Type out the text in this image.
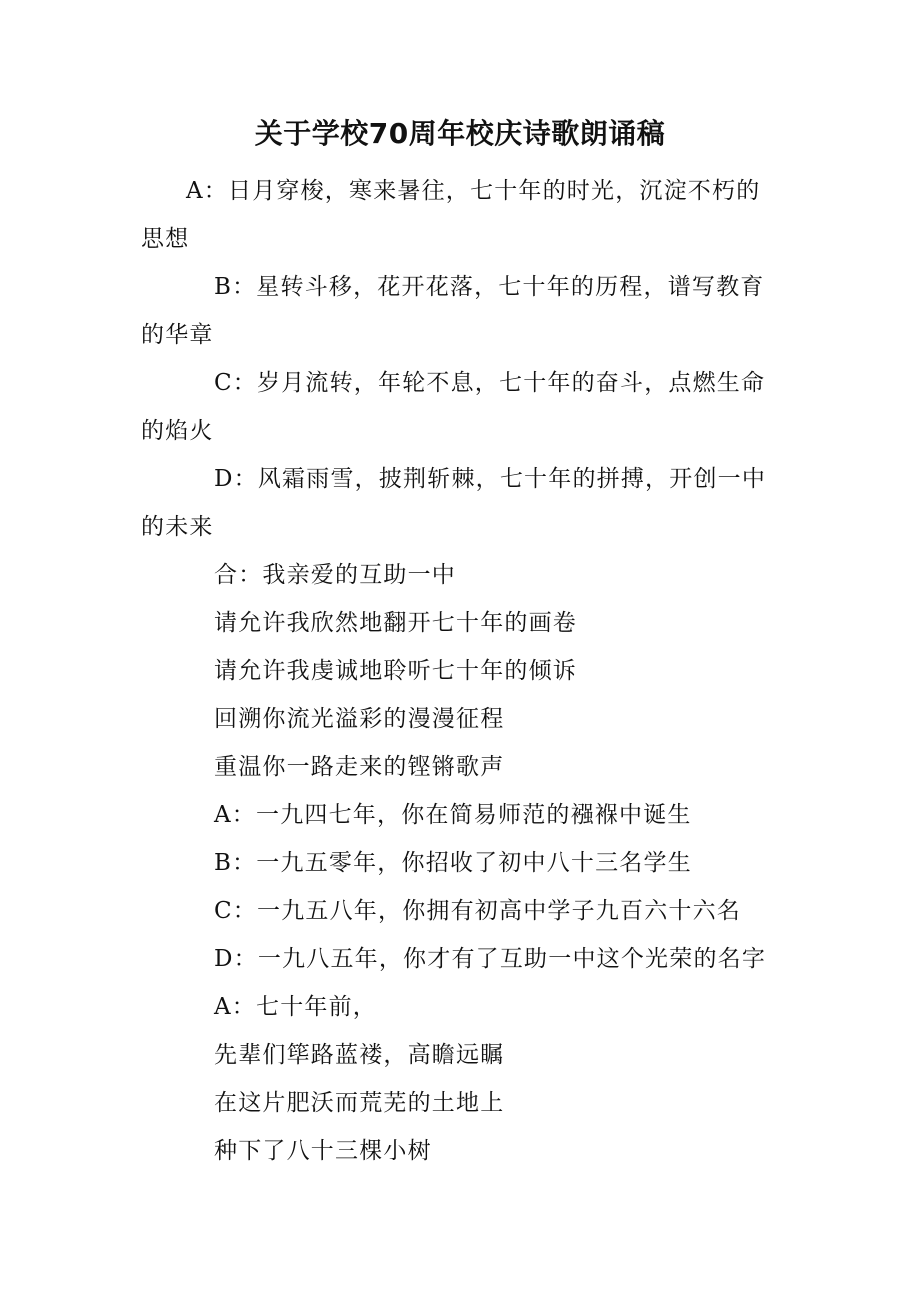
关于学校70周年校庆诗歌朗诵稿
A：日月穿梭，寒来暑往，七十年的时光，沉淀不朽的
思想
B：星转斗移，花开花落，七十年的历程，谱写教育
的华章
C：岁月流转，年轮不息，七十年的奋斗，点燃生命
的焰火
D：风霜雨雪，披荆斩棘，七十年的拼搏，开创一中
的未来
合：我亲爱的互助一中
请允许我欣然地翻开七十年的画卷
请允许我虔诚地聆听七十年的倾诉
回溯你流光溢彩的漫漫征程
重温你一路走来的铿锵歌声
A：一九四七年，你在简易师范的襁褓中诞生
B：一九五零年，你招收了初中八十三名学生
C：一九五八年，你拥有初高中学子九百六十六名
D：一九八五年，你才有了互助一中这个光荣的名字
A：七十年前，
先辈们筚路蓝褛，高瞻远瞩
在这片肥沃而荒芜的土地上
种下了八十三棵小树
